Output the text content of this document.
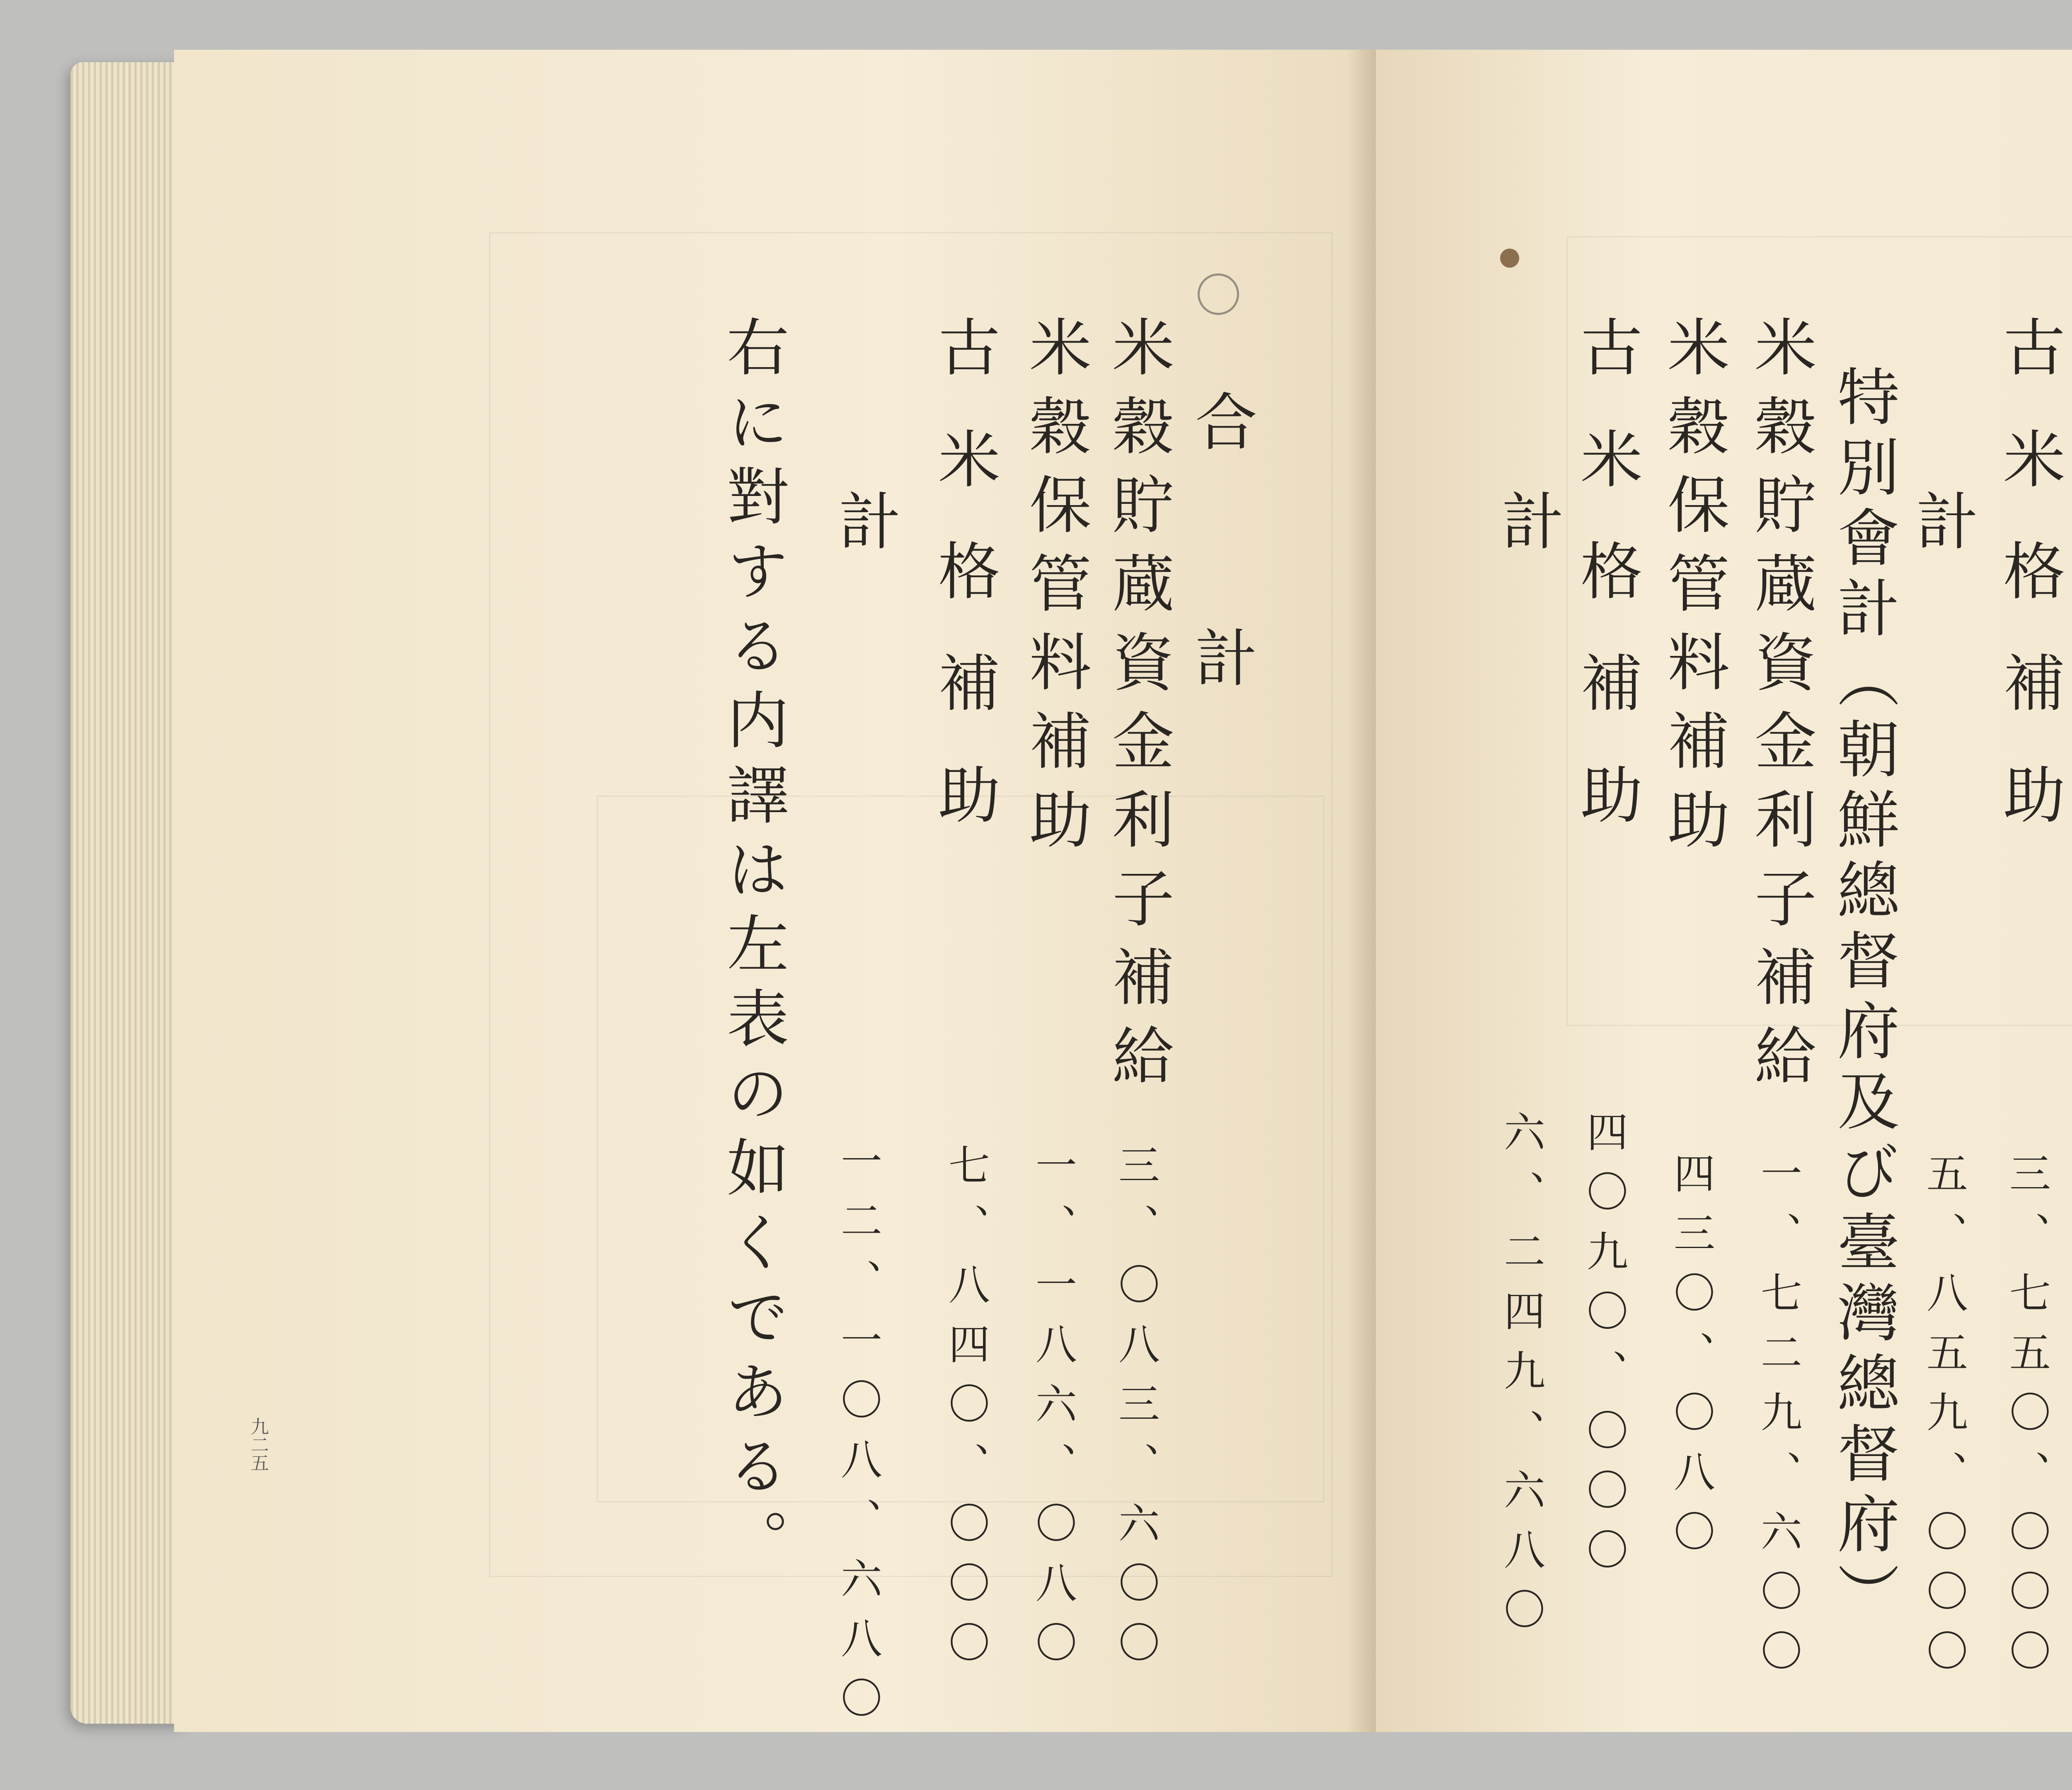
合　　計
米穀貯蔵資金利子補給
三、〇八三、六〇〇
米穀保管料補助
一、一八六、〇八〇
古米格補助
七、八四〇、〇〇〇
計
一二、一〇八、六八〇
右に對する内譯は左表の如くである。
九二五
古米格補助
三、七五〇、〇〇〇
計
五、八五九、〇〇〇
特別會計（朝鮮總督府及び臺灣總督府）
米穀貯蔵資金利子補給
一、七二九、六〇〇
米穀保管料補助
四三〇、〇八〇
古米格補助
四〇九〇、〇〇〇
計
六、二四九、六八〇
